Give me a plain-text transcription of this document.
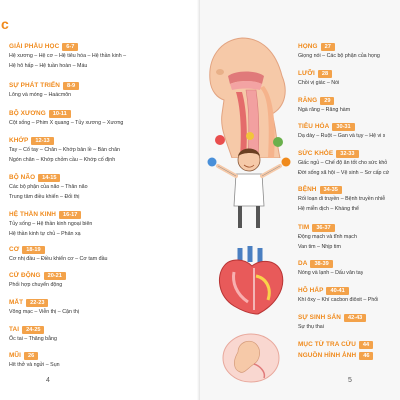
c
GIẢI PHẪU HỌC	6-7
Hệ xương – Hệ cơ – Hệ tiêu hóa – Hệ thần kinh –
Hệ hô hấp – Hệ tuần hoàn – Máu
SỰ PHÁT TRIỂN	8-9
Lông và móng – Haácmôn
BỘ XƯƠNG	10-11
Cột sống – Phim X quang – Tủy xương – Xương
KHỚP	12-13
Tay – Cổ tay – Chân – Khớp bản lề – Bàn chân
Ngón chân – Khớp chỏm cầu – Khớp cố định
BỘ NÃO	14-15
Các bộ phận của não – Thân não
Trung tâm điều khiển – Đối thị
HỆ THẦN KINH	16-17
Tủy sống – Hệ thần kinh ngoại biên
Hệ thần kinh tự chủ – Phản xạ
CƠ	18-19
Cơ nhị đầu – Điều khiển cơ – Cơ tam đầu
CỬ ĐỘNG	20-21
Phối hợp chuyển động
MẮT	22-23
Võng mạc – Viễn thị – Cận thị
TAI	24-25
Ốc tai – Thăng bằng
MŨI	26
Hít thở và ngửi – Sụn
4
HỌNG	27
Giọng nói – Các bộ phận của họng
LƯỠI	28
Chồi vị giác – Nói
RĂNG	29
Ngà răng – Răng hàm
TIÊU HÓA	30-31
Dạ dày – Ruột – Gan và tụy – Hệ vi s
SỨC KHỎE	32-33
Giấc ngủ – Chế độ ăn tốt cho sức khỏ
Đời sống xã hội – Vệ sinh – Sơ cấp cứ
BỆNH	34-35
Rối loạn di truyền – Bệnh truyền nhiễ
Hệ miễn dịch – Kháng thể
TIM	36-37
Động mạch và tĩnh mạch
Van tim – Nhịp tim
DA	38-39
Nóng và lạnh – Dấu vân tay
HÔ HẤP	40-41
Khí ôxy – Khí cacbon điôxit – Phổi
SỰ SINH SẢN	42-43
Sự thụ thai
MỤC TỪ TRA CỨU	44
NGUỒN HÌNH ẢNH	46
5
